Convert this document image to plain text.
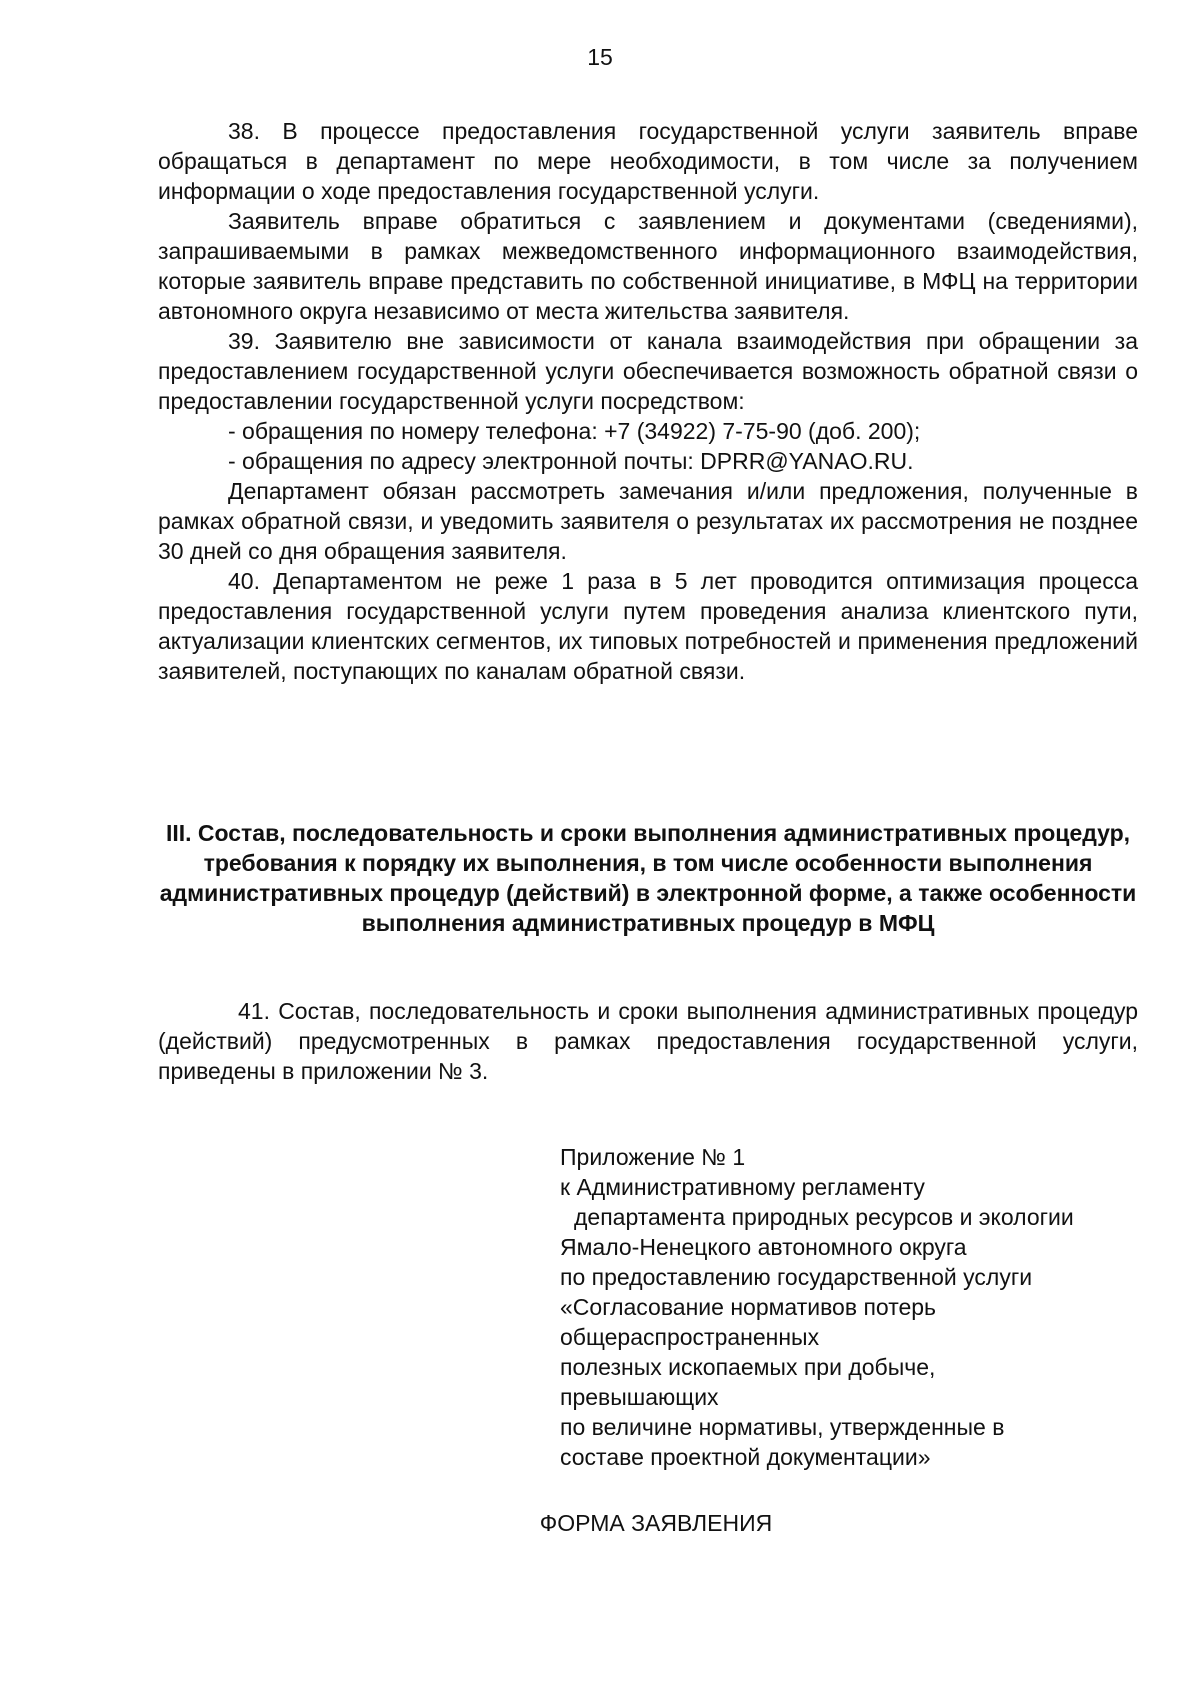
15

38. В процессе предоставления государственной услуги заявитель вправе обращаться в департамент по мере необходимости, в том числе за получением информации о ходе предоставления государственной услуги.

Заявитель вправе обратиться с заявлением и документами (сведениями), запрашиваемыми в рамках межведомственного информационного взаимодействия, которые заявитель вправе представить по собственной инициативе, в МФЦ на территории автономного округа независимо от места жительства заявителя.

39. Заявителю вне зависимости от канала взаимодействия при обращении за предоставлением государственной услуги обеспечивается возможность обратной связи о предоставлении государственной услуги посредством:

- обращения по номеру телефона: +7 (34922) 7-75-90 (доб. 200);

- обращения по адресу электронной почты: DPRR@YANAO.RU.

Департамент обязан рассмотреть замечания и/или предложения, полученные в рамках обратной связи, и уведомить заявителя о результатах их рассмотрения не позднее 30 дней со дня обращения заявителя.

40. Департаментом не реже 1 раза в 5 лет проводится оптимизация процесса предоставления государственной услуги путем проведения анализа клиентского пути, актуализации клиентских сегментов, их типовых потребностей и применения предложений заявителей, поступающих по каналам обратной связи.

III. Состав, последовательность и сроки выполнения административных процедур, требования к порядку их выполнения, в том числе особенности выполнения административных процедур (действий) в электронной форме, а также особенности выполнения административных процедур в МФЦ

41. Состав, последовательность и сроки выполнения административных процедур (действий) предусмотренных в рамках предоставления государственной услуги, приведены в приложении № 3.

Приложение № 1
к Административному регламенту
департамента природных ресурсов и экологии
Ямало-Ненецкого автономного округа
по предоставлению государственной услуги
«Согласование нормативов потерь
общераспространенных
полезных ископаемых при добыче,
превышающих
по величине нормативы, утвержденные в
составе проектной документации»
ФОРМА ЗАЯВЛЕНИЯ
